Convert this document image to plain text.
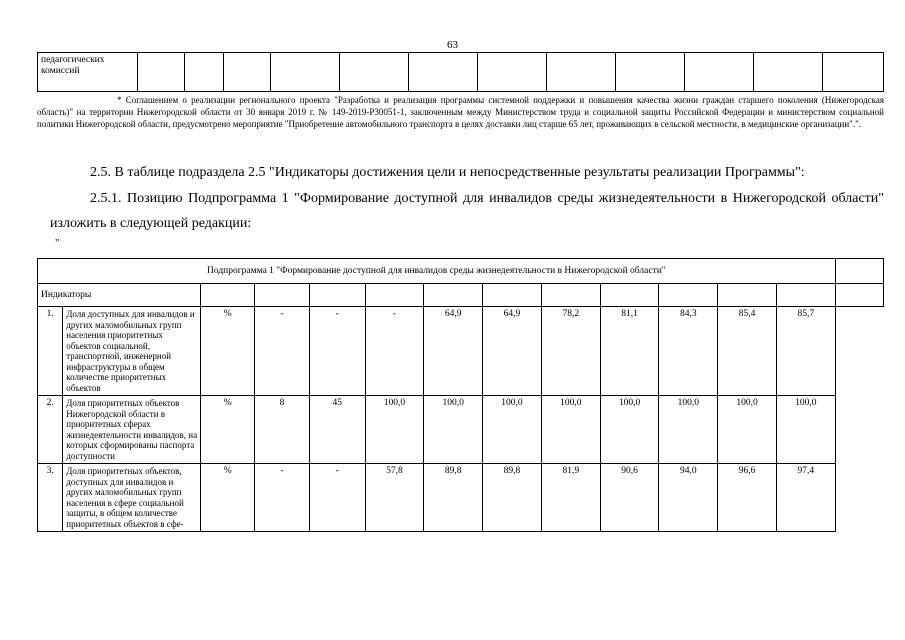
63
педагогических комиссий												
* Соглашением о реализации регионального проекта "Разработка и реализация программы системной поддержки и повышения качества жизни граждан старшего поколения (Нижегородская область)" на территории Нижегородской области от 30 января 2019 г. № 149-2019-P30051-1, заключенным между Министерством труда и социальной защиты Российской Федерации и министерством социальной политики Нижегородской области, предусмотрено мероприятие "Приобретение автомобильного транспорта в целях доставки лиц старше 65 лет, проживающих в сельской местности, в медицинские организации".".
2.5. В таблице подраздела 2.5 "Индикаторы достижения цели и непосредственные результаты реализации Программы":
2.5.1. Позицию Подпрограмма 1 "Формирование доступной для инвалидов среды жизнедеятельности в Нижегородской области" изложить в следующей редакции:
"
Подпрограмма 1 "Формирование доступной для инвалидов среды жизнедеятельности в Нижегородской области"													
Индикаторы													
1.	Доля доступных для инвалидов и других маломобильных групп населения приоритетных объектов социальной, транспортной, инженерной инфраструктуры в общем количестве приоритетных объектов	%	-	-	-	64,9	64,9	78,2	81,1	84,3	85,4	85,7	
2.	Доля приоритетных объектов Нижегородской области в приоритетных сферах жизнедеятельности инвалидов, на которых сформированы паспорта доступности	%	8	45	100,0	100,0	100,0	100,0	100,0	100,0	100,0	100,0	
3.	Доля приоритетных объектов, доступных для инвалидов и других маломобильных групп населения в сфере социальной защиты, в общем количестве приоритетных объектов в сфе-	%	-	-	57,8	89,8	89,8	81,9	90,6	94,0	96,6	97,4	
